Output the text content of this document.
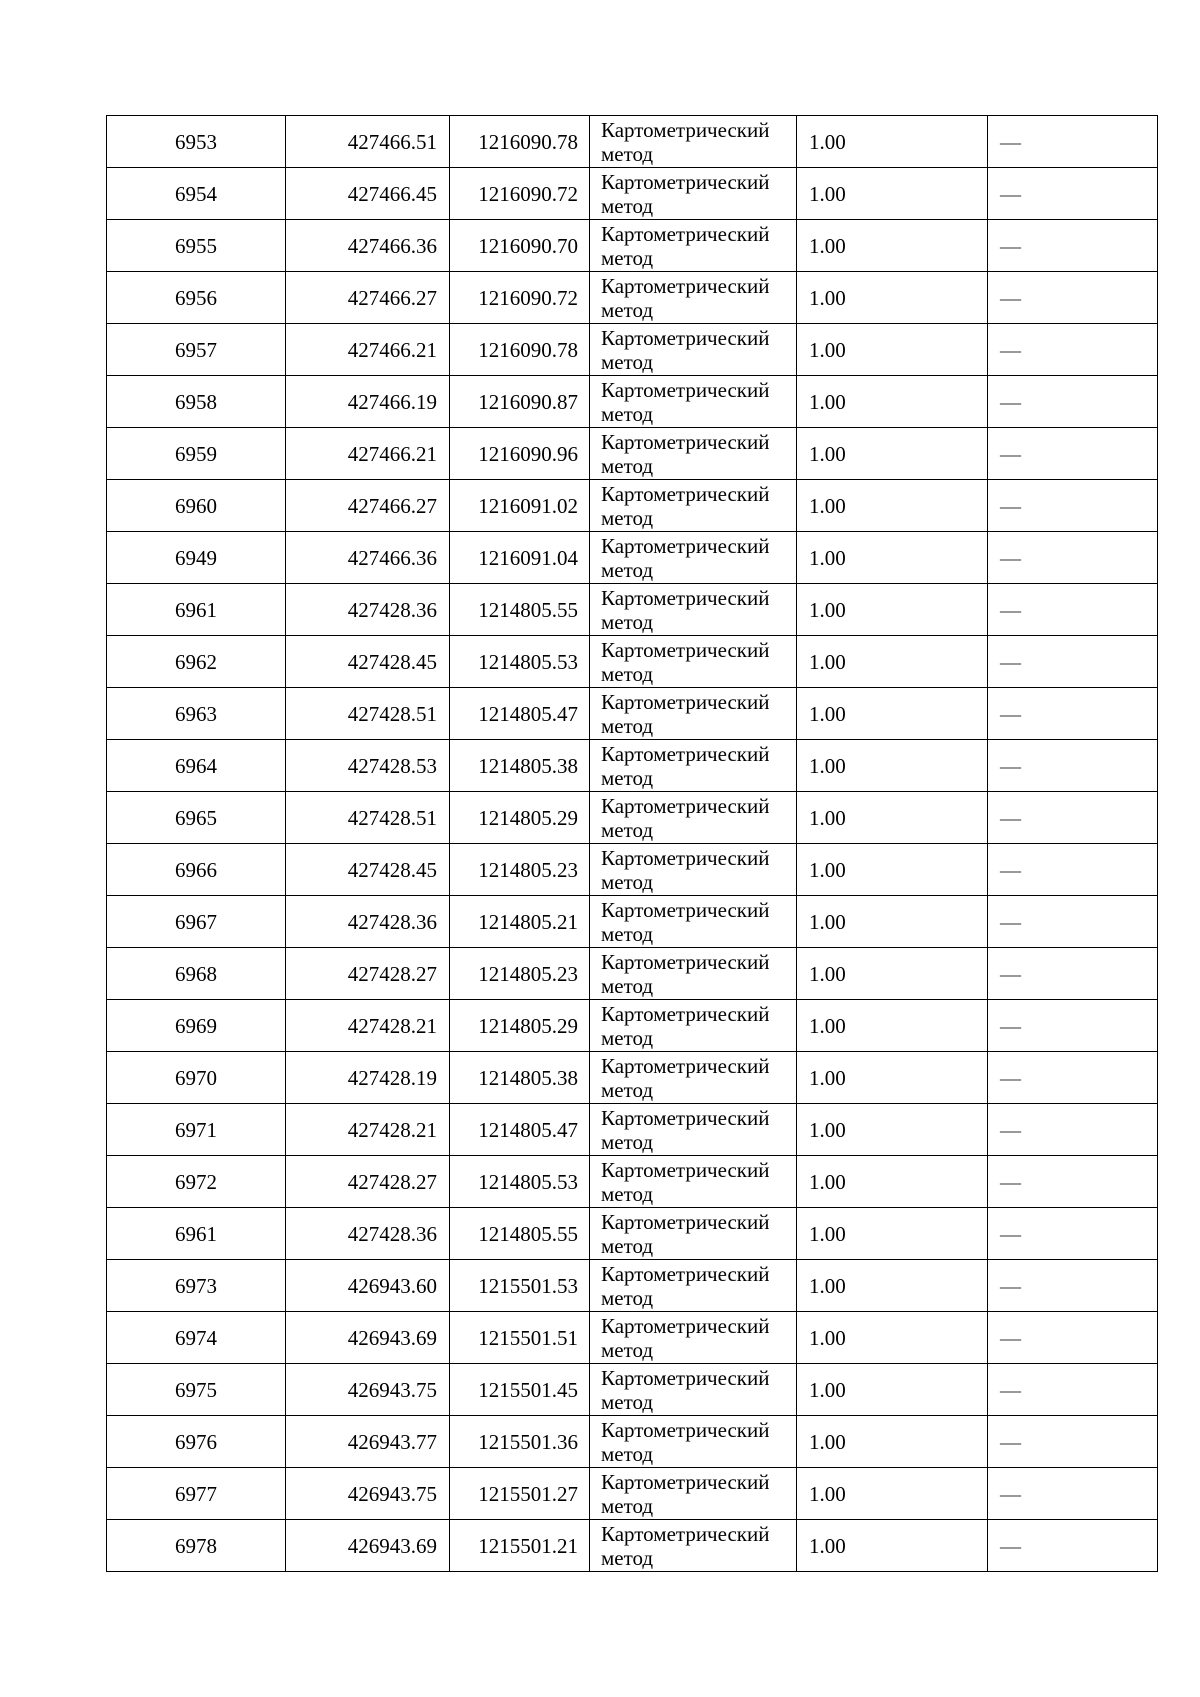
6953	427466.51	1216090.78	Картометрический
метод	1.00	—
6954	427466.45	1216090.72	Картометрический
метод	1.00	—
6955	427466.36	1216090.70	Картометрический
метод	1.00	—
6956	427466.27	1216090.72	Картометрический
метод	1.00	—
6957	427466.21	1216090.78	Картометрический
метод	1.00	—
6958	427466.19	1216090.87	Картометрический
метод	1.00	—
6959	427466.21	1216090.96	Картометрический
метод	1.00	—
6960	427466.27	1216091.02	Картометрический
метод	1.00	—
6949	427466.36	1216091.04	Картометрический
метод	1.00	—
6961	427428.36	1214805.55	Картометрический
метод	1.00	—
6962	427428.45	1214805.53	Картометрический
метод	1.00	—
6963	427428.51	1214805.47	Картометрический
метод	1.00	—
6964	427428.53	1214805.38	Картометрический
метод	1.00	—
6965	427428.51	1214805.29	Картометрический
метод	1.00	—
6966	427428.45	1214805.23	Картометрический
метод	1.00	—
6967	427428.36	1214805.21	Картометрический
метод	1.00	—
6968	427428.27	1214805.23	Картометрический
метод	1.00	—
6969	427428.21	1214805.29	Картометрический
метод	1.00	—
6970	427428.19	1214805.38	Картометрический
метод	1.00	—
6971	427428.21	1214805.47	Картометрический
метод	1.00	—
6972	427428.27	1214805.53	Картометрический
метод	1.00	—
6961	427428.36	1214805.55	Картометрический
метод	1.00	—
6973	426943.60	1215501.53	Картометрический
метод	1.00	—
6974	426943.69	1215501.51	Картометрический
метод	1.00	—
6975	426943.75	1215501.45	Картометрический
метод	1.00	—
6976	426943.77	1215501.36	Картометрический
метод	1.00	—
6977	426943.75	1215501.27	Картометрический
метод	1.00	—
6978	426943.69	1215501.21	Картометрический
метод	1.00	—
